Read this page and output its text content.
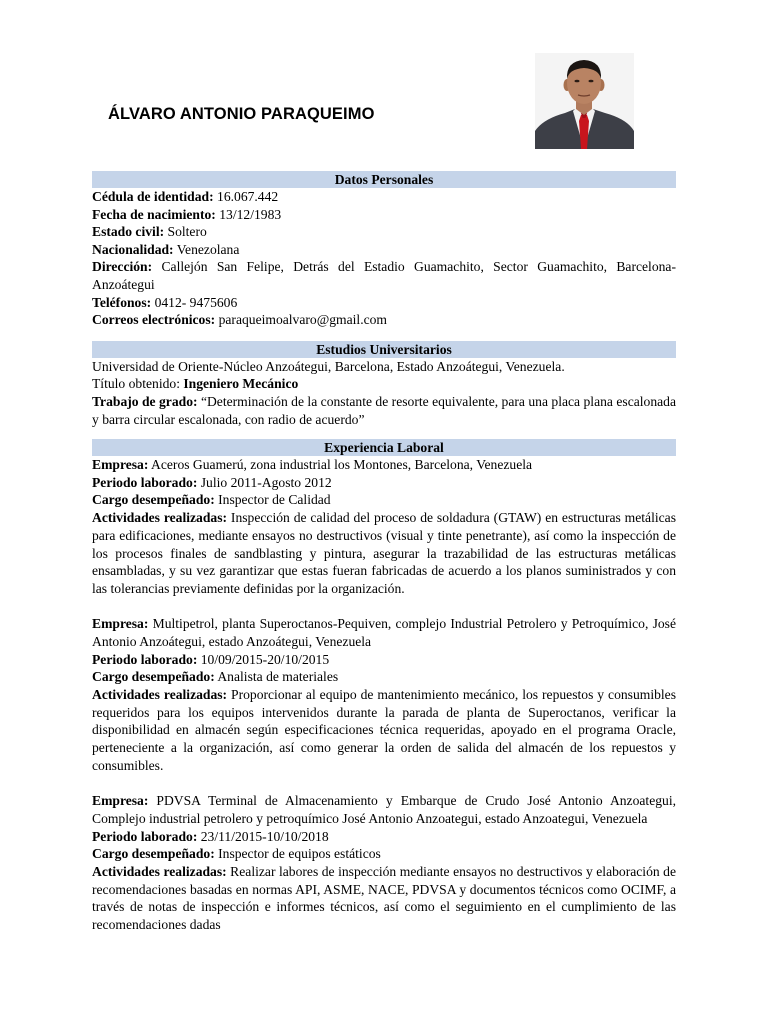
ÁLVARO ANTONIO PARAQUEIMO
Datos Personales

Cédula de identidad: 16.067.442

Fecha de nacimiento: 13/12/1983

Estado civil: Soltero

Nacionalidad: Venezolana

Dirección: Callejón San Felipe, Detrás del Estadio Guamachito, Sector Guamachito, Barcelona-Anzoátegui

Teléfonos: 0412- 9475606

Correos electrónicos: paraqueimoalvaro@gmail.com

Estudios Universitarios

Universidad de Oriente-Núcleo Anzoátegui, Barcelona, Estado Anzoátegui, Venezuela.

Título obtenido: Ingeniero Mecánico

Trabajo de grado: “Determinación de la constante de resorte equivalente, para una placa plana escalonada y barra circular escalonada, con radio de acuerdo”

Experiencia Laboral

Empresa: Aceros Guamerú, zona industrial los Montones, Barcelona, Venezuela

Periodo laborado: Julio 2011-Agosto 2012

Cargo desempeñado: Inspector de Calidad

Actividades realizadas: Inspección de calidad del proceso de soldadura (GTAW) en estructuras metálicas para edificaciones, mediante ensayos no destructivos (visual y tinte penetrante), así como la inspección de los procesos finales de sandblasting y pintura, asegurar la trazabilidad de las estructuras metálicas ensambladas, y su vez garantizar que estas fueran fabricadas de acuerdo a los planos suministrados y con las tolerancias previamente definidas por la organización.

Empresa: Multipetrol, planta Superoctanos-Pequiven, complejo Industrial Petrolero y Petroquímico, José Antonio Anzoátegui, estado Anzoátegui, Venezuela

Periodo laborado: 10/09/2015-20/10/2015

Cargo desempeñado: Analista de materiales

Actividades realizadas: Proporcionar al equipo de mantenimiento mecánico, los repuestos y consumibles requeridos para los equipos intervenidos durante la parada de planta de Superoctanos, verificar la disponibilidad en almacén según especificaciones técnica requeridas, apoyado en el programa Oracle, perteneciente a la organización, así como generar la orden de salida del almacén de los repuestos y consumibles.

Empresa: PDVSA Terminal de Almacenamiento y Embarque de Crudo José Antonio Anzoategui, Complejo industrial petrolero y petroquímico José Antonio Anzoategui, estado Anzoategui, Venezuela

Periodo laborado: 23/11/2015-10/10/2018

Cargo desempeñado: Inspector de equipos estáticos

Actividades realizadas: Realizar labores de inspección mediante ensayos no destructivos y elaboración de recomendaciones basadas en normas API, ASME, NACE, PDVSA y documentos técnicos como OCIMF, a través de notas de inspección e informes técnicos, así como el seguimiento en el cumplimiento de las recomendaciones dadas
